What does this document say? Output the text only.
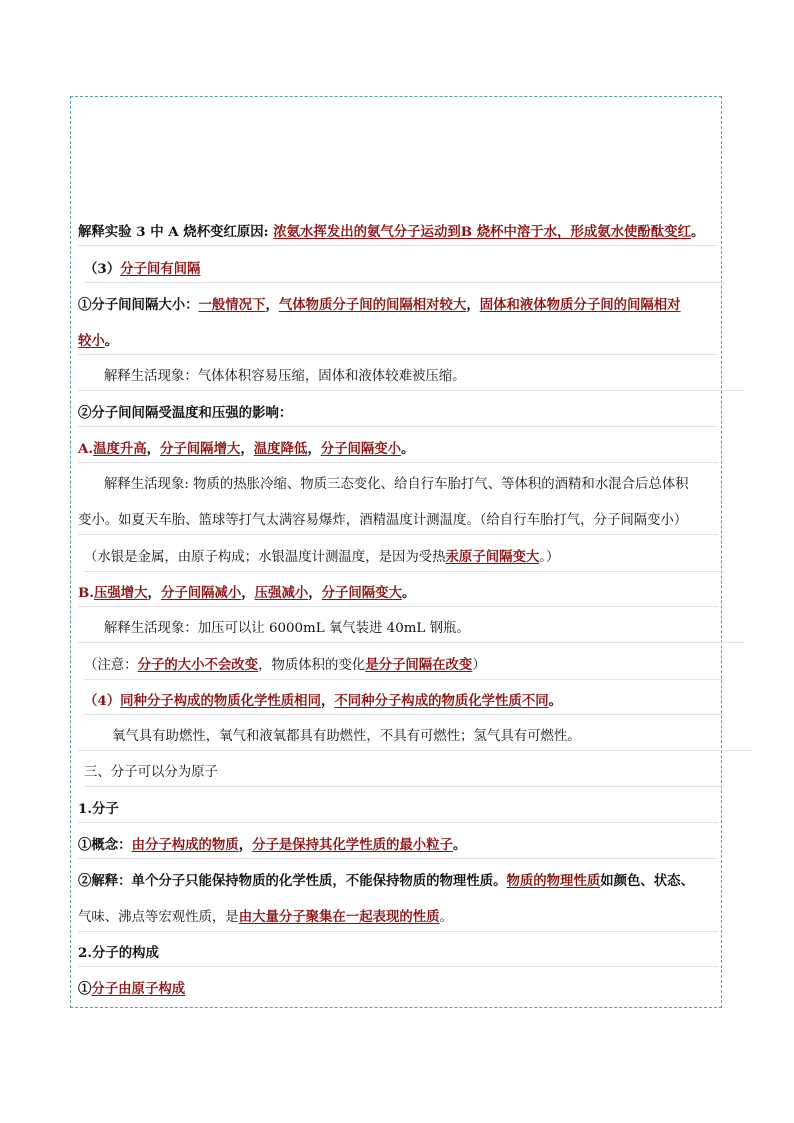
解释实验 3 中 A 烧杯变红原因: 浓氨水挥发出的氨气分子运动到B 烧杯中溶于水，形成氨水使酚酞变红。
（3）分子间有间隔
①分子间间隔大小：一般情况下，气体物质分子间的间隔相对较大，固体和液体物质分子间的间隔相对
较小。
解释生活现象：气体体积容易压缩，固体和液体较难被压缩。
②分子间间隔受温度和压强的影响：
A.温度升高，分子间隔增大，温度降低，分子间隔变小。
解释生活现象: 物质的热胀冷缩、物质三态变化、给自行车胎打气、等体积的酒精和水混合后总体积
变小。如夏天车胎、篮球等打气太满容易爆炸，酒精温度计测温度。（给自行车胎打气，分子间隔变小）
（水银是金属，由原子构成；水银温度计测温度，是因为受热汞原子间隔变大。）
B.压强增大，分子间隔减小，压强减小，分子间隔变大。
解释生活现象：加压可以让 6000mL 氧气装进 40mL 钢瓶。
（注意：分子的大小不会改变，物质体积的变化是分子间隔在改变）
（4）同种分子构成的物质化学性质相同，不同种分子构成的物质化学性质不同。
氧气具有助燃性，氧气和液氧都具有助燃性，不具有可燃性；氢气具有可燃性。
三、分子可以分为原子
1.分子
①概念：由分子构成的物质，分子是保持其化学性质的最小粒子。
②解释：单个分子只能保持物质的化学性质，不能保持物质的物理性质。物质的物理性质如颜色、状态、
气味、沸点等宏观性质，是由大量分子聚集在一起表现的性质。
2.分子的构成
①分子由原子构成
